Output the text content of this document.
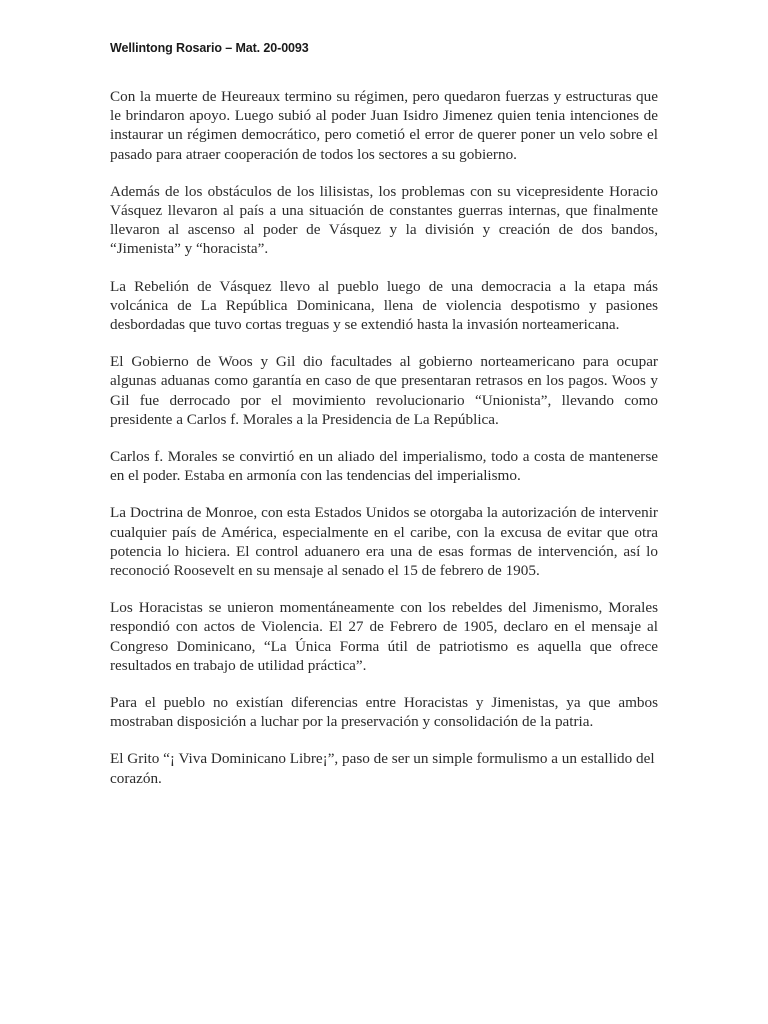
Wellintong Rosario – Mat. 20-0093

Con la muerte de Heureaux termino su régimen, pero quedaron fuerzas y estructuras que le brindaron apoyo. Luego subió al poder Juan Isidro Jimenez quien tenia intenciones de instaurar un régimen democrático, pero cometió el error de querer poner un velo sobre el pasado para atraer cooperación de todos los sectores a su gobierno.

Además de los obstáculos de los lilisistas, los problemas con su vicepresidente Horacio Vásquez llevaron al país a una situación de constantes guerras internas, que finalmente llevaron al ascenso al poder de Vásquez y la división y creación de dos bandos, “Jimenista” y “horacista”.

La Rebelión de Vásquez llevo al pueblo luego de una democracia a la etapa más volcánica de La República Dominicana, llena de violencia despotismo y pasiones desbordadas que tuvo cortas treguas y se extendió hasta la invasión norteamericana.

El Gobierno de Woos y Gil dio facultades al gobierno norteamericano para ocupar algunas aduanas como garantía en caso de que presentaran retrasos en los pagos. Woos y Gil fue derrocado por el movimiento revolucionario “Unionista”, llevando como presidente a Carlos f. Morales a la Presidencia de La República.

Carlos f. Morales se convirtió en un aliado del imperialismo, todo a costa de mantenerse en el poder. Estaba en armonía con las tendencias del imperialismo.

La Doctrina de Monroe, con esta Estados Unidos se otorgaba la autorización de intervenir cualquier país de América, especialmente en el caribe, con la excusa de evitar que otra potencia lo hiciera. El control aduanero era una de esas formas de intervención, así lo reconoció Roosevelt en su mensaje al senado el 15 de febrero de 1905.

Los Horacistas se unieron momentáneamente con los rebeldes del Jimenismo, Morales respondió con actos de Violencia. El 27 de Febrero de 1905, declaro en el mensaje al Congreso Dominicano, “La Única Forma útil de patriotismo es aquella que ofrece resultados en trabajo de utilidad práctica”.

Para el pueblo no existían diferencias entre Horacistas y Jimenistas, ya que ambos mostraban disposición a luchar por la preservación y consolidación de la patria.

El Grito “¡ Viva Dominicano Libre¡”, paso de ser un simple formulismo a un estallido del corazón.
